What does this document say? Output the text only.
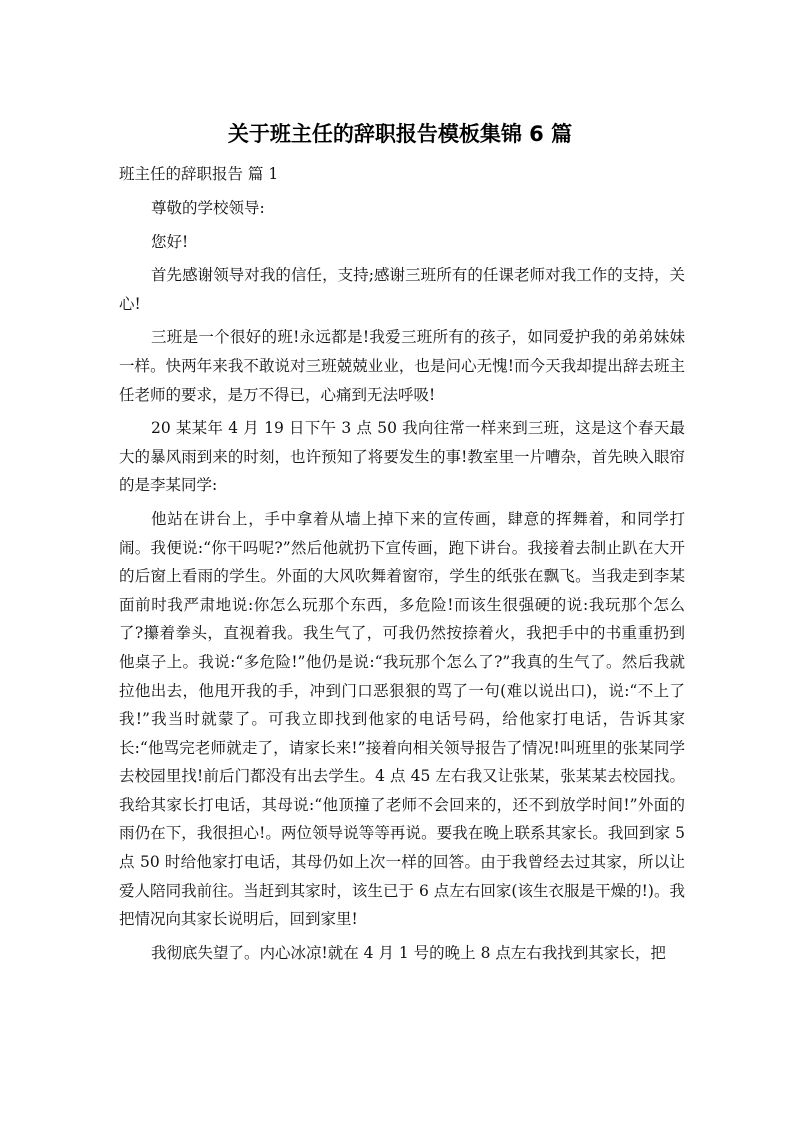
关于班主任的辞职报告模板集锦 6 篇

班主任的辞职报告 篇 1

尊敬的学校领导:

您好!

首先感谢领导对我的信任，支持;感谢三班所有的任课老师对我工作的支持，关心!

三班是一个很好的班!永远都是!我爱三班所有的孩子，如同爱护我的弟弟妹妹一样。快两年来我不敢说对三班兢兢业业，也是问心无愧!而今天我却提出辞去班主任老师的要求，是万不得已，心痛到无法呼吸!

20 某某年 4 月 19 日下午 3 点 50 我向往常一样来到三班，这是这个春天最大的暴风雨到来的时刻，也许预知了将要发生的事!教室里一片嘈杂，首先映入眼帘的是李某同学:

他站在讲台上，手中拿着从墙上掉下来的宣传画，肆意的挥舞着，和同学打闹。我便说:“你干吗呢?”然后他就扔下宣传画，跑下讲台。我接着去制止趴在大开的后窗上看雨的学生。外面的大风吹舞着窗帘，学生的纸张在飘飞。当我走到李某面前时我严肃地说:你怎么玩那个东西，多危险!而该生很强硬的说:我玩那个怎么了?攥着拳头，直视着我。我生气了，可我仍然按捺着火，我把手中的书重重扔到他桌子上。我说:“多危险!”他仍是说:“我玩那个怎么了?”我真的生气了。然后我就拉他出去，他甩开我的手，冲到门口恶狠狠的骂了一句(难以说出口)，说:“不上了我!”我当时就蒙了。可我立即找到他家的电话号码，给他家打电话，告诉其家长:“他骂完老师就走了，请家长来!”接着向相关领导报告了情况!叫班里的张某同学去校园里找!前后门都没有出去学生。4 点 45 左右我又让张某，张某某去校园找。我给其家长打电话，其母说:“他顶撞了老师不会回来的，还不到放学时间!”外面的雨仍在下，我很担心!。两位领导说等等再说。要我在晚上联系其家长。我回到家 5 点 50 时给他家打电话，其母仍如上次一样的回答。由于我曾经去过其家，所以让爱人陪同我前往。当赶到其家时，该生已于 6 点左右回家(该生衣服是干燥的!)。我把情况向其家长说明后，回到家里!

我彻底失望了。内心冰凉!就在 4 月 1 号的晚上 8 点左右我找到其家长，把
